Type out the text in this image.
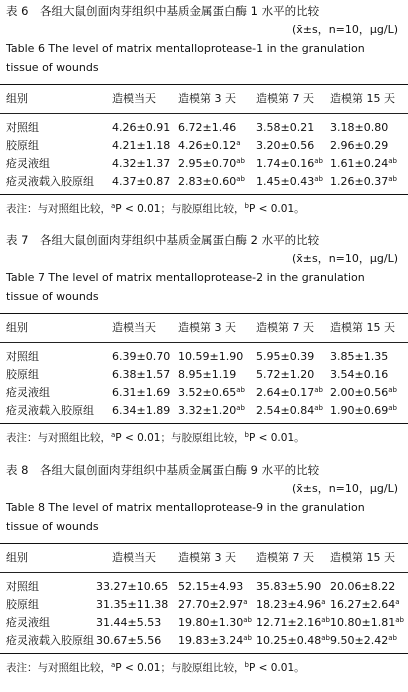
表 6　各组大鼠创面肉芽组织中基质金属蛋白酶 1 水平的比较
(x̄±s，n=10，μg/L)
Table 6 The level of matrix mentalloprotease-1 in the granulation
tissue of wounds
组别	造模当天 造模第 3 天 造模第 7 天 造模第 15 天
对照组	4.26±0.91 6.72±1.46 3.58±0.21 3.18±0.80
胶原组	4.21±1.18 4.26±0.12$^a$ 3.20±0.56 2.96±0.29
疮灵液组	4.32±1.37 2.95±0.70$^{ab}$ 1.74±0.16$^{ab}$ 1.61±0.24$^{ab}$
疮灵液载入胶原组 4.37±0.87 2.83±0.60$^{ab}$ 1.45±0.43$^{ab}$ 1.26±0.37$^{ab}$
表注：与对照组比较，$^a$P < 0.01；与胶原组比较，$^b$P < 0.01。
表 7　各组大鼠创面肉芽组织中基质金属蛋白酶 2 水平的比较
(x̄±s，n=10，μg/L)
Table 7 The level of matrix mentalloprotease-2 in the granulation
tissue of wounds
组别	造模当天 造模第 3 天 造模第 7 天 造模第 15 天
对照组	6.39±0.70 10.59±1.90 5.95±0.39 3.85±1.35
胶原组	6.38±1.57 8.95±1.19 5.72±1.20 3.54±0.16
疮灵液组	6.31±1.69 3.52±0.65$^{ab}$ 2.64±0.17$^{ab}$ 2.00±0.56$^{ab}$
疮灵液载入胶原组 6.34±1.89 3.32±1.20$^{ab}$ 2.54±0.84$^{ab}$ 1.90±0.69$^{ab}$
表注：与对照组比较，$^a$P < 0.01；与胶原组比较，$^b$P < 0.01。
表 8　各组大鼠创面肉芽组织中基质金属蛋白酶 9 水平的比较
(x̄±s，n=10，μg/L)
Table 8 The level of matrix mentalloprotease-9 in the granulation
tissue of wounds
组别	造模当天 造模第 3 天 造模第 7 天 造模第 15 天
对照组	33.27±10.65 52.15±4.93 35.83±5.90 20.06±8.22
胶原组	31.35±11.38 27.70±2.97$^a$ 18.23±4.96$^a$ 16.27±2.64$^a$
疮灵液组	31.44±5.53 19.80±1.30$^{ab}$ 12.71±2.16$^{ab}$ 10.80±1.81$^{ab}$
疮灵液载入胶原组 30.67±5.56 19.83±3.24$^{ab}$ 10.25±0.48$^{ab}$ 9.50±2.42$^{ab}$
表注：与对照组比较，$^a$P < 0.01；与胶原组比较，$^b$P < 0.01。
